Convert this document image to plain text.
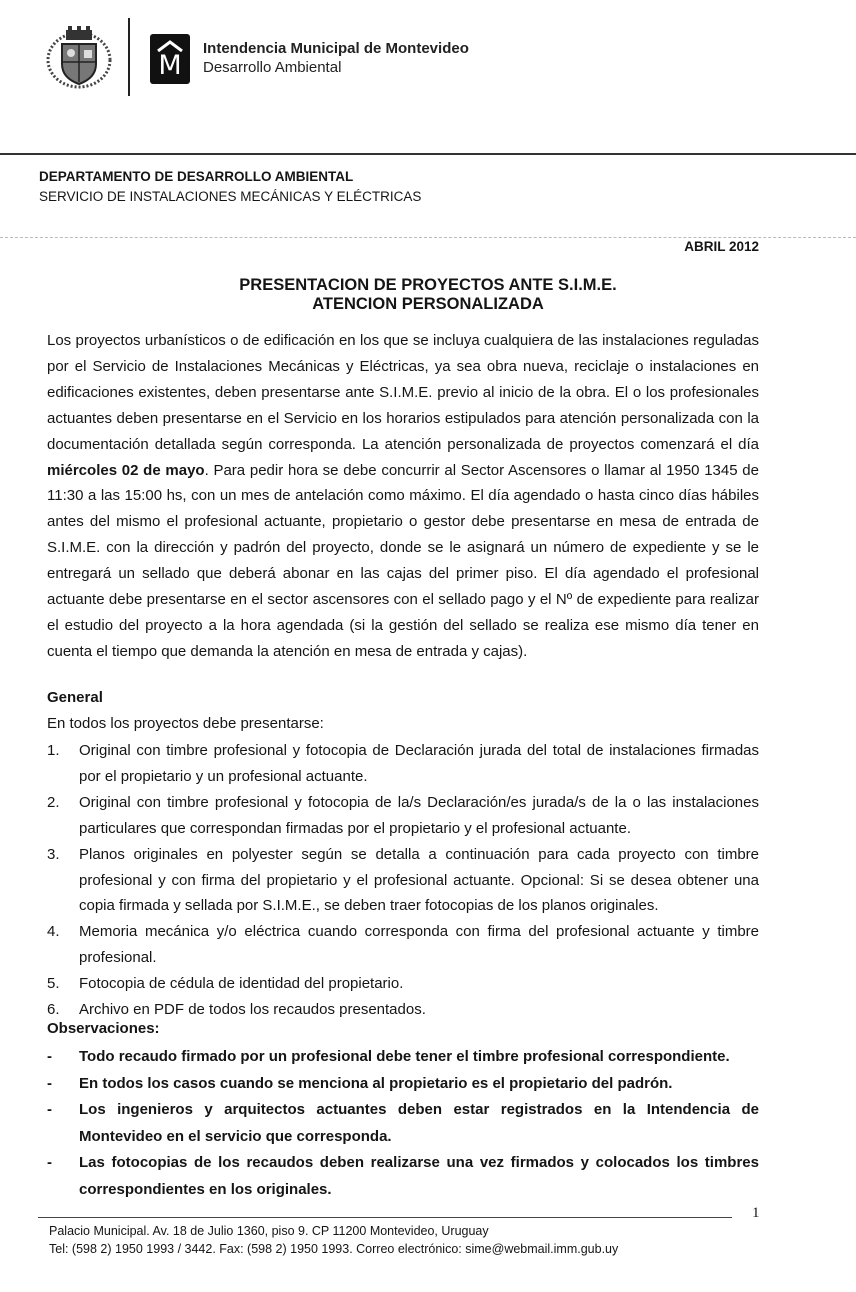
M
Intendencia Municipal de Montevideo
Desarrollo Ambiental
DEPARTAMENTO DE DESARROLLO AMBIENTAL
SERVICIO DE INSTALACIONES MECÁNICAS Y ELÉCTRICAS
ABRIL 2012
PRESENTACION DE PROYECTOS ANTE S.I.M.E.
ATENCION PERSONALIZADA

Los proyectos urbanísticos o de edificación en los que se incluya cualquiera de las instalaciones reguladas por el Servicio de Instalaciones Mecánicas y Eléctricas, ya sea obra nueva, reciclaje o instalaciones en edificaciones existentes, deben presentarse ante S.I.M.E. previo al inicio de la obra. El o los profesionales actuantes deben presentarse en el Servicio en los horarios estipulados para atención personalizada con la documentación detallada según corresponda. La atención personalizada de proyectos comenzará el día miércoles 02 de mayo. Para pedir hora se debe concurrir al Sector Ascensores o llamar al 1950 1345 de 11:30 a las 15:00 hs, con un mes de antelación como máximo. El día agendado o hasta cinco días hábiles antes del mismo el profesional actuante, propietario o gestor debe presentarse en mesa de entrada de S.I.M.E. con la dirección y padrón del proyecto, donde se le asignará un número de expediente y se le entregará un sellado que deberá abonar en las cajas del primer piso. El día agendado el profesional actuante debe presentarse en el sector ascensores con el sellado pago y el Nº de expediente para realizar el estudio del proyecto a la hora agendada (si la gestión del sellado se realiza ese mismo día tener en cuenta el tiempo que demanda la atención en mesa de entrada y cajas).

General
En todos los proyectos debe presentarse:
1. Original con timbre profesional y fotocopia de Declaración jurada del total de instalaciones firmadas por el propietario y un profesional actuante.
2. Original con timbre profesional y fotocopia de la/s Declaración/es jurada/s de la o las instalaciones particulares que correspondan firmadas por el propietario y el profesional actuante.
3. Planos originales en polyester según se detalla a continuación para cada proyecto con timbre profesional y con firma del propietario y el profesional actuante. Opcional: Si se desea obtener una copia firmada y sellada por S.I.M.E., se deben traer fotocopias de los planos originales.
4. Memoria mecánica y/o eléctrica cuando corresponda con firma del profesional actuante y timbre profesional.
5. Fotocopia de cédula de identidad del propietario.
6. Archivo en PDF de todos los recaudos presentados.
Observaciones:
- Todo recaudo firmado por un profesional debe tener el timbre profesional correspondiente.
- En todos los casos cuando se menciona al propietario es el propietario del padrón.
- Los ingenieros y arquitectos actuantes deben estar registrados en la Intendencia de Montevideo en el servicio que corresponda.
- Las fotocopias de los recaudos deben realizarse una vez firmados y colocados los timbres correspondientes en los originales.
1
Palacio Municipal. Av. 18 de Julio 1360, piso 9. CP 11200 Montevideo, Uruguay
Tel: (598 2) 1950 1993 / 3442. Fax: (598 2) 1950 1993. Correo electrónico: sime@webmail.imm.gub.uy
